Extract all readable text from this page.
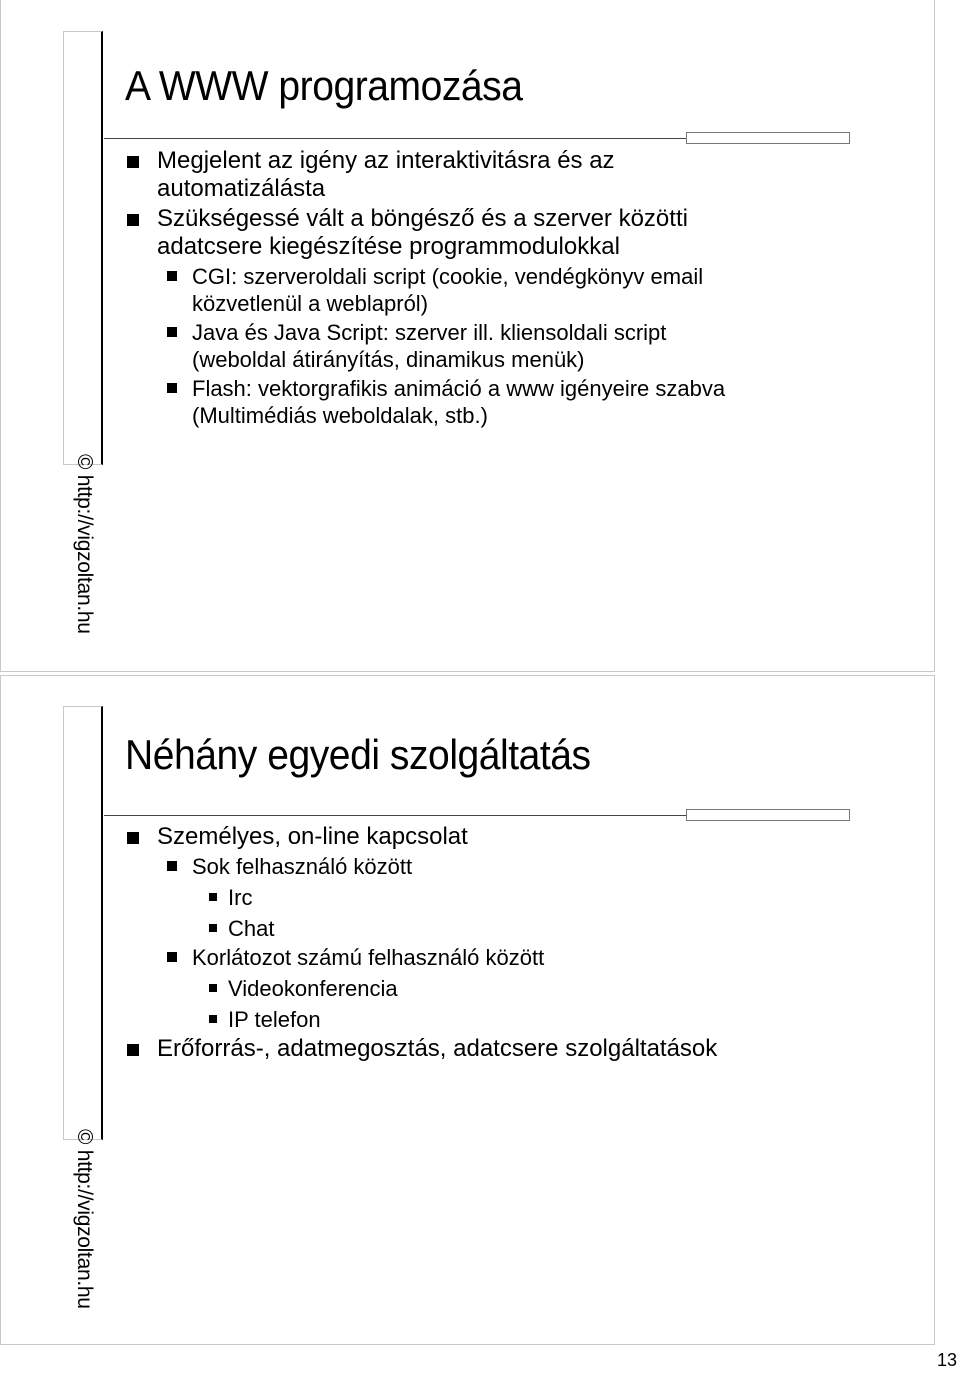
© http://vigzoltan.hu
A WWW programozása
Megjelent az igény az interaktivitásra és az
automatizálásta
Szükségessé vált a böngésző és a szerver közötti
adatcsere kiegészítése programmodulokkal
CGI: szerveroldali script (cookie, vendégkönyv email
közvetlenül a weblapról)
Java és Java Script: szerver ill. kliensoldali script
(weboldal átirányítás, dinamikus menük)
Flash: vektorgrafikis animáció a www igényeire szabva
(Multimédiás weboldalak, stb.)
© http://vigzoltan.hu
Néhány egyedi szolgáltatás
Személyes, on-line kapcsolat
Sok felhasználó között
Irc
Chat
Korlátozot számú felhasználó között
Videokonferencia
IP telefon
Erőforrás-, adatmegosztás, adatcsere szolgáltatások
13
